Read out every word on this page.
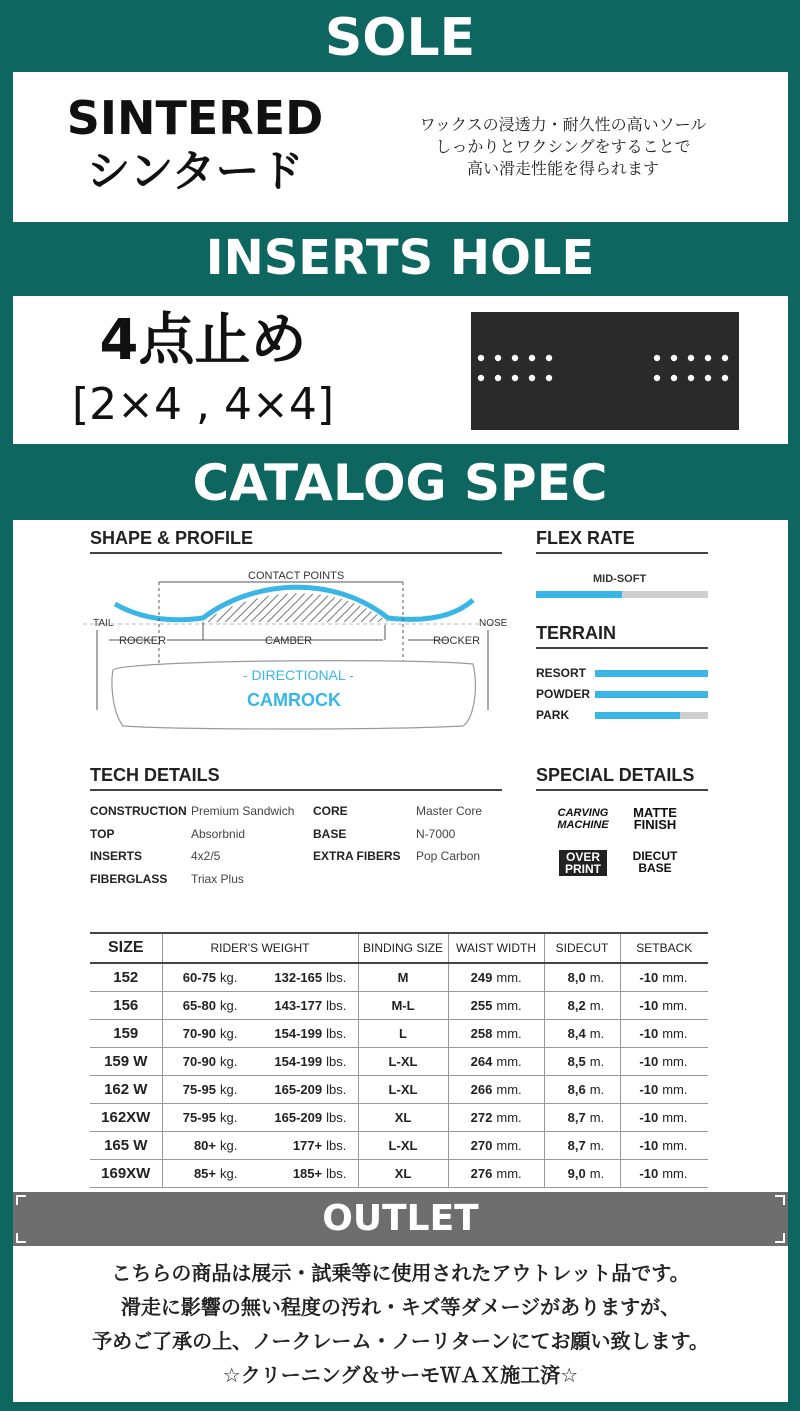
SOLE
SINTERED
シンタード
ワックスの浸透力・耐久性の高いソール
しっかりとワクシングをすることで
高い滑走性能を得られます
INSERTS HOLE
4点止め
[2×4 , 4×4]
CATALOG SPEC
SHAPE & PROFILE
CONTACT POINTS
TAIL	NOSE
ROCKER	CAMBER	ROCKER
- DIRECTIONAL -
CAMROCK
FLEX RATE
MID-SOFT
TERRAIN
RESORT
POWDER
PARK
TECH DETAILS
CONSTRUCTION Premium Sandwich
TOP	Absorbnid
INSERTS	4x2/5
FIBERGLASS Triax Plus
CORE	Master Core
BASE	N-7000
EXTRA FIBERS Pop Carbon
SPECIAL DETAILS
CARVING MACHINE
MATTE FINISH
OVER PRINT
DIECUT BASE
SIZE	RIDER'S WEIGHT				BINDING SIZE	WAIST WIDTH		SIDECUT		SETBACK	
152	60-75	kg.	132-165	lbs.	M	249	mm.	8,0	m.	-10	mm.
156	65-80	kg.	143-177	lbs.	M-L	255	mm.	8,2	m.	-10	mm.
159	70-90	kg.	154-199	lbs.	L	258	mm.	8,4	m.	-10	mm.
159 W	70-90	kg.	154-199	lbs.	L-XL	264	mm.	8,5	m.	-10	mm.
162 W	75-95	kg.	165-209	lbs.	L-XL	266	mm.	8,6	m.	-10	mm.
162XW	75-95	kg.	165-209	lbs.	XL	272	mm.	8,7	m.	-10	mm.
165 W	80+	kg.	177+	lbs.	L-XL	270	mm.	8,7	m.	-10	mm.
169XW	85+	kg.	185+	lbs.	XL	276	mm.	9,0	m.	-10	mm.
OUTLET
こちらの商品は展示・試乗等に使用されたアウトレット品です。
滑走に影響の無い程度の汚れ・キズ等ダメージがありますが、
予めご了承の上、ノークレーム・ノーリターンにてお願い致します。
☆クリーニング＆サーモＷＡＸ施工済☆
